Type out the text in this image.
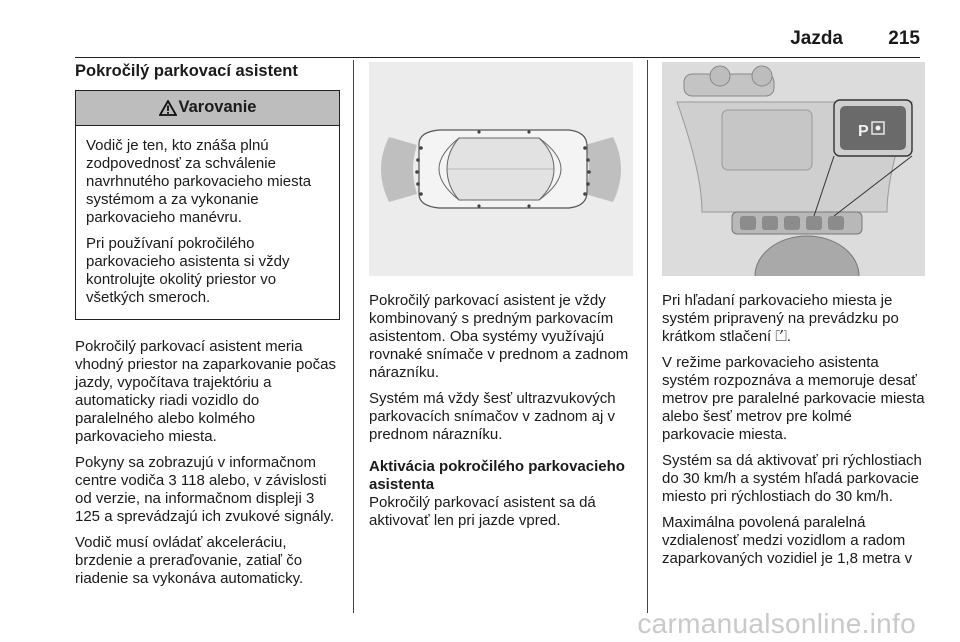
Jazda 215
Pokročilý parkovací asistent
Varovanie

Vodič je ten, kto znáša plnú zodpovednosť za schválenie navrhnutého parkovacieho miesta systémom a za vykonanie parkovacieho manévru.

Pri používaní pokročilého parkovacieho asistenta si vždy kontrolujte okolitý priestor vo všetkých smeroch.

Pokročilý parkovací asistent meria vhodný priestor na zaparkovanie počas jazdy, vypočítava trajektóriu a automaticky riadi vozidlo do paralelného alebo kolmého parkovacieho miesta.

Pokyny sa zobrazujú v informačnom centre vodiča 3 118 alebo, v závislosti od verzie, na informačnom displeji 3 125 a sprevádzajú ich zvukové signály.

Vodič musí ovládať akceleráciu, brzdenie a preraďovanie, zatiaľ čo riadenie sa vykonáva automaticky.

Pokročilý parkovací asistent je vždy kombinovaný s predným parkovacím asistentom. Oba systémy využívajú rovnaké snímače v prednom a zadnom nárazníku.

Systém má vždy šesť ultrazvukových parkovacích snímačov v zadnom aj v prednom nárazníku.

Aktivácia pokročilého parkovacieho asistenta

Pokročilý parkovací asistent sa dá aktivovať len pri jazde vpred.

P

Pri hľadaní parkovacieho miesta je systém pripravený na prevádzku po krátkom stlačení ⏍.

V režime parkovacieho asistenta systém rozpoznáva a memoruje desať metrov pre paralelné parkovacie miesta alebo šesť metrov pre kolmé parkovacie miesta.

Systém sa dá aktivovať pri rýchlostiach do 30 km/h a systém hľadá parkovacie miesto pri rýchlostiach do 30 km/h.

Maximálna povolená paralelná vzdialenosť medzi vozidlom a radom zaparkovaných vozidiel je 1,8 metra v

carmanualsonline.info
